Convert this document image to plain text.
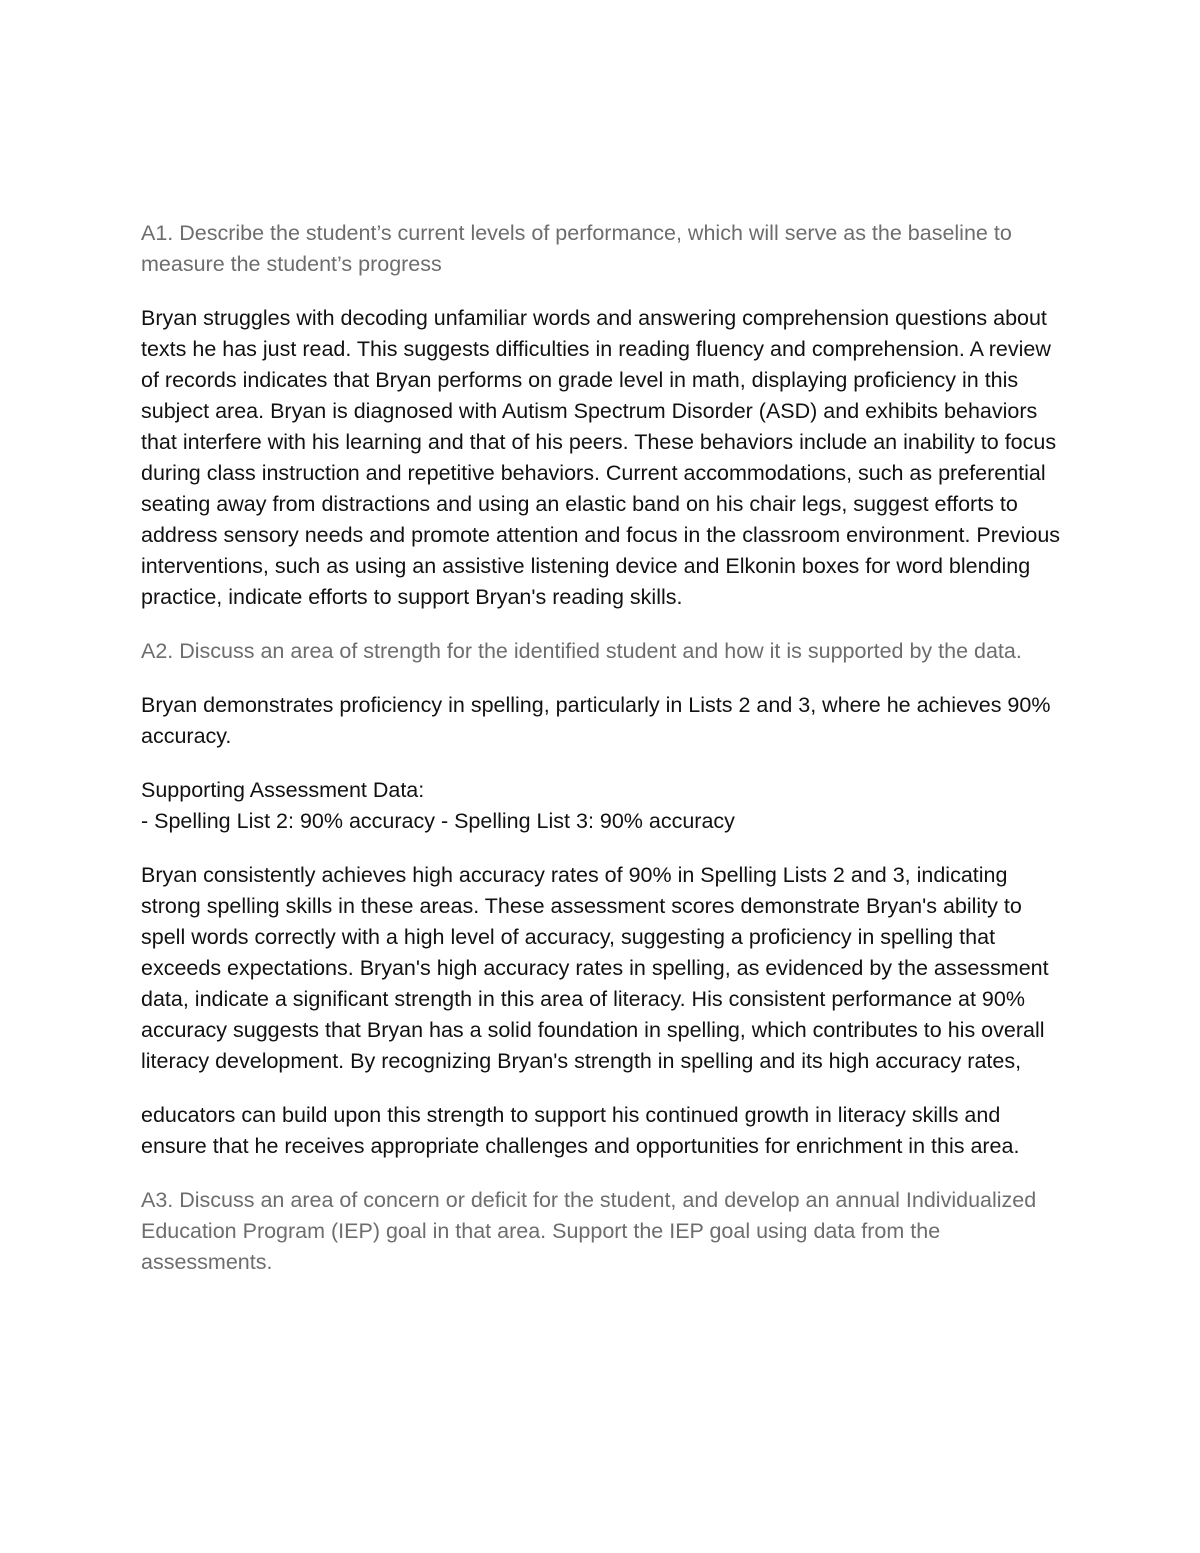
A1. Describe the student’s current levels of performance, which will serve as the baseline to measure the student’s progress
Bryan struggles with decoding unfamiliar words and answering comprehension questions about texts he has just read. This suggests difficulties in reading fluency and comprehension. A review of records indicates that Bryan performs on grade level in math, displaying proficiency in this subject area. Bryan is diagnosed with Autism Spectrum Disorder (ASD) and exhibits behaviors that interfere with his learning and that of his peers. These behaviors include an inability to focus during class instruction and repetitive behaviors. Current accommodations, such as preferential seating away from distractions and using an elastic band on his chair legs, suggest efforts to address sensory needs and promote attention and focus in the classroom environment. Previous interventions, such as using an assistive listening device and Elkonin boxes for word blending practice, indicate efforts to support Bryan's reading skills.
A2. Discuss an area of strength for the identified student and how it is supported by the data.
Bryan demonstrates proficiency in spelling, particularly in Lists 2 and 3, where he achieves 90% accuracy.
Supporting Assessment Data:
- Spelling List 2: 90% accuracy - Spelling List 3: 90% accuracy
Bryan consistently achieves high accuracy rates of 90% in Spelling Lists 2 and 3, indicating strong spelling skills in these areas. These assessment scores demonstrate Bryan's ability to spell words correctly with a high level of accuracy, suggesting a proficiency in spelling that exceeds expectations. Bryan's high accuracy rates in spelling, as evidenced by the assessment data, indicate a significant strength in this area of literacy. His consistent performance at 90% accuracy suggests that Bryan has a solid foundation in spelling, which contributes to his overall literacy development. By recognizing Bryan's strength in spelling and its high accuracy rates,
educators can build upon this strength to support his continued growth in literacy skills and ensure that he receives appropriate challenges and opportunities for enrichment in this area.
A3. Discuss an area of concern or deficit for the student, and develop an annual Individualized Education Program (IEP) goal in that area. Support the IEP goal using data from the assessments.
